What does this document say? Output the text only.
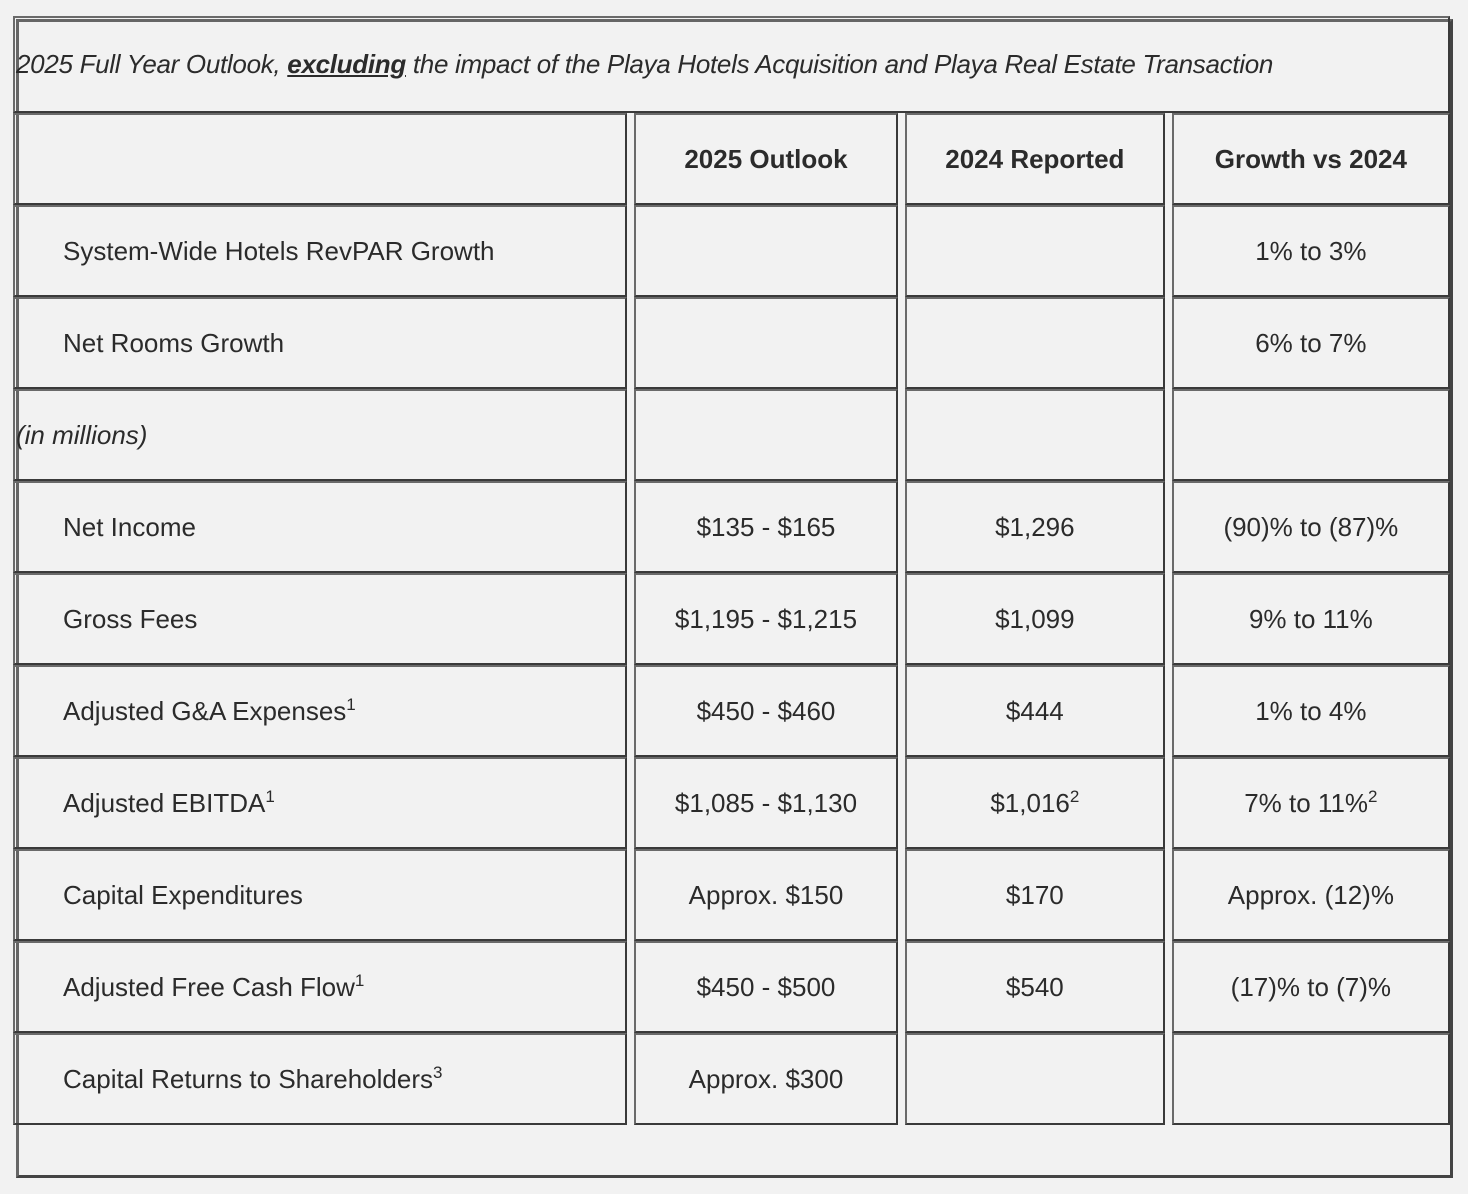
2025 Full Year Outlook, excluding the impact of the Playa Hotels Acquisition and Playa Real Estate Transaction			
	2025 Outlook	2024 Reported	Growth vs 2024
System-Wide Hotels RevPAR Growth			1% to 3%
Net Rooms Growth			6% to 7%
(in millions)			
Net Income	$135 - $165	$1,296	(90)% to (87)%
Gross Fees	$1,195 - $1,215	$1,099	9% to 11%
Adjusted G&A Expenses$^1$	$450 - $460	$444	1% to 4%
Adjusted EBITDA$^1$	$1,085 - $1,130	$1,016$^2$	7% to 11%$^2$
Capital Expenditures	Approx. $150	$170	Approx. (12)%
Adjusted Free Cash Flow$^1$	$450 - $500	$540	(17)% to (7)%
Capital Returns to Shareholders$^3$	Approx. $300		
